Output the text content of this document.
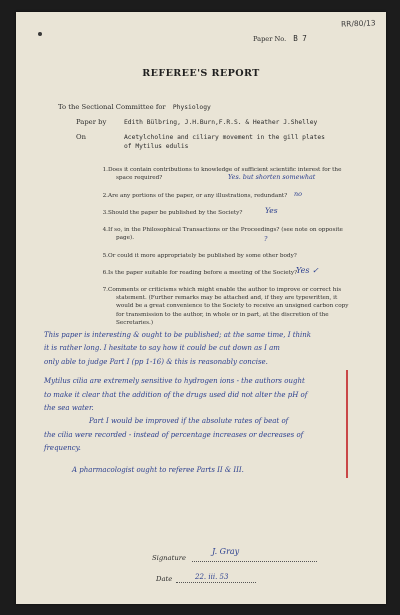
RR/80/13
Paper No. B 7
REFEREE'S REPORT
To the Sectional Committee for Physiology
Paper by	Edith Bülbring, J.H.Burn,F.R.S. & Heather J.Shelley
On	Acetylcholine and ciliary movement in the gill plates
of Mytilus edulis
1. Does it contain contributions to knowledge of sufficient scientific interest for the
space required?	Yes. but shorten somewhat
2. Are any portions of the paper, or any illustrations, redundant? no
3. Should the paper be published by the Society?	Yes
4. If so, in the Philosophical Transactions or the Proceedings? (see note on opposite
page).	?
5. Or could it more appropriately be published by some other body?
6. Is the paper suitable for reading before a meeting of the Society?
Yes ✓
7. Comments or criticisms which might enable the author to improve or correct his
statement. (Further remarks may be attached and, if they are typewritten, it
would be a great convenience to the Society to receive an unsigned carbon copy
for transmission to the author, in whole or in part, at the discretion of the
Secretaries.)
This paper is interesting & ought to be published; at the same time, I think
it is rather long. I hesitate to say how it could be cut down as I am
only able to judge Part I (pp 1-16) & this is reasonably concise.
Mytilus cilia are extremely sensitive to hydrogen ions - the authors ought
to make it clear that the addition of the drugs used did not alter the pH of
the sea water.
Part I would be improved if the absolute rates of beat of
the cilia were recorded - instead of percentage increases or decreases of
frequency.
A pharmacologist ought to referee Parts II & III.
Signature
J. Gray
Date	22. iii. 53
